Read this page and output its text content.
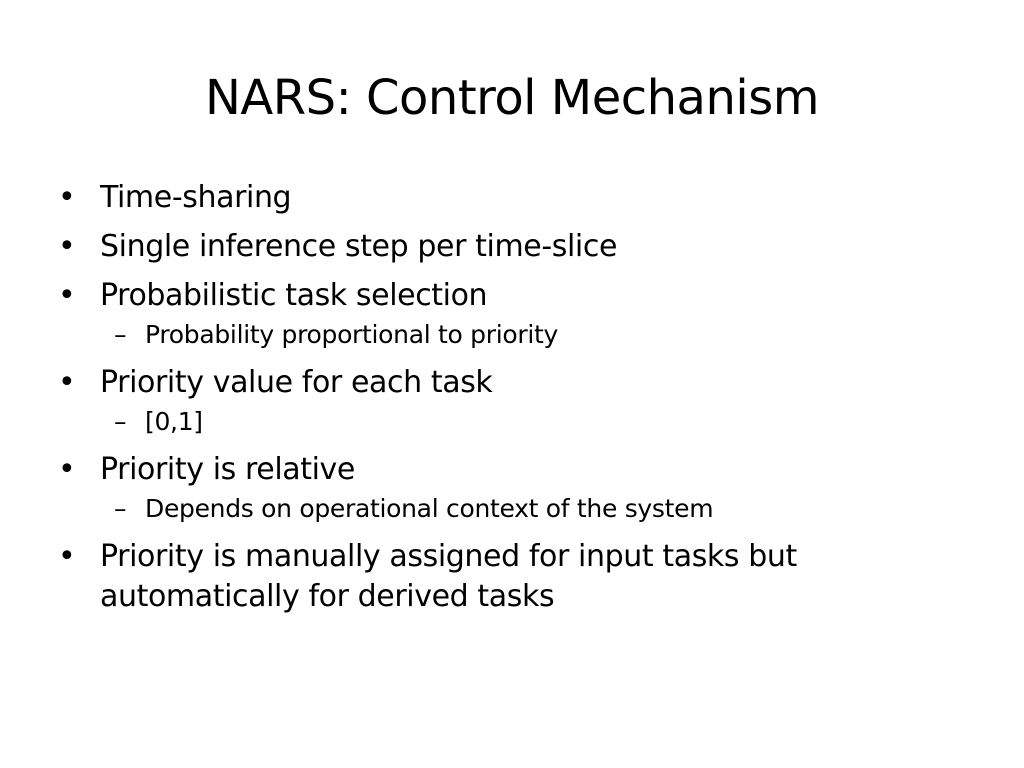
NARS: Control Mechanism
• Time-sharing
• Single inference step per time-slice
• Probabilistic task selection
– Probability proportional to priority
• Priority value for each task
– [0,1]
• Priority is relative
– Depends on operational context of the system
• Priority is manually assigned for input tasks but automatically for derived tasks
